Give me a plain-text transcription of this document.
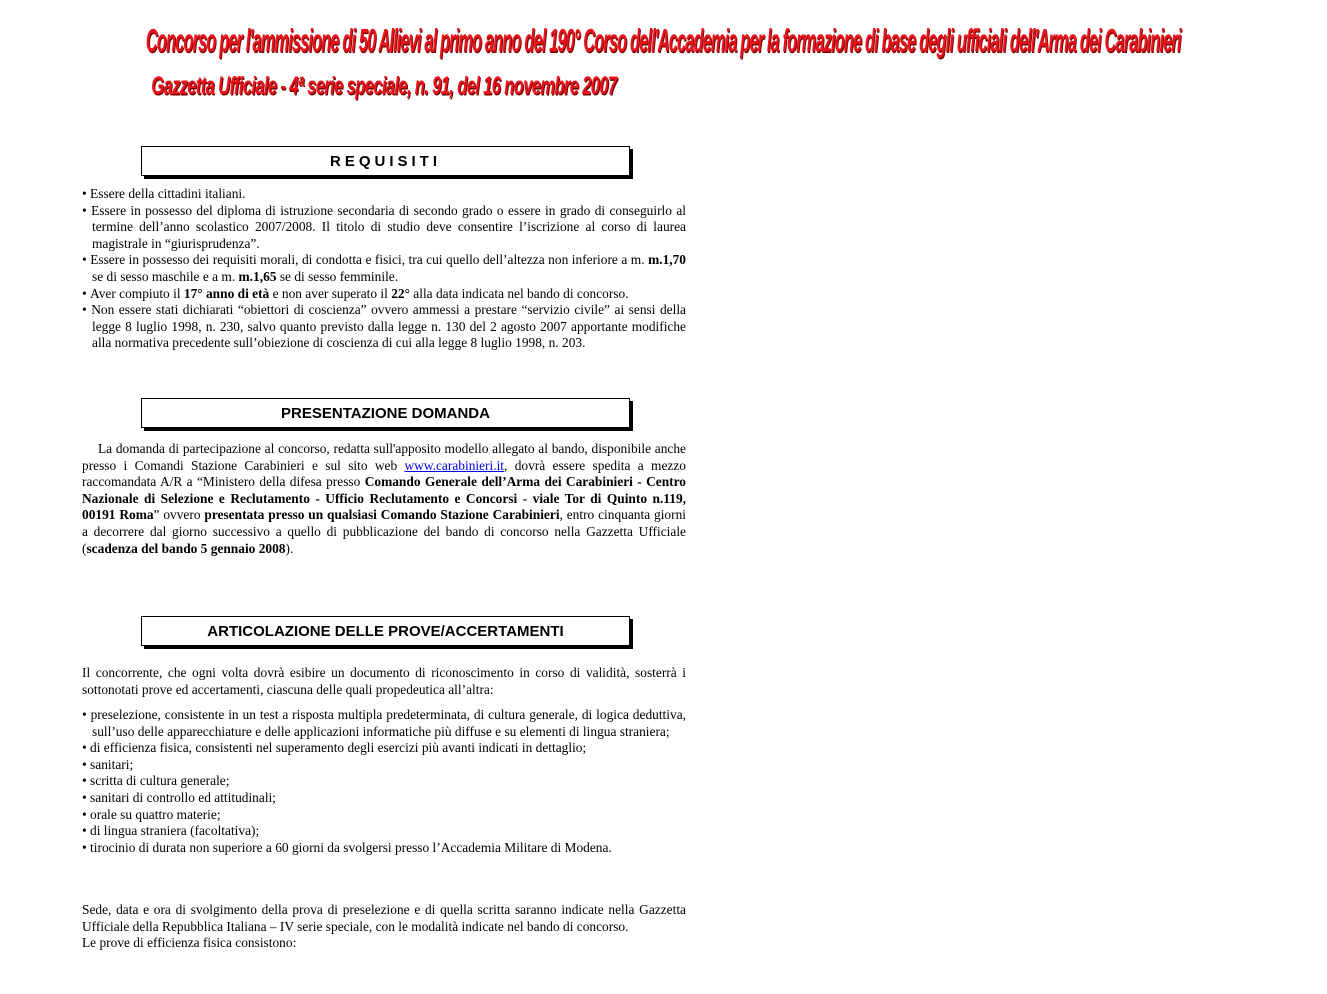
Concorso per l'ammissione di 50 Allievi al primo anno del 190° Corso dell'Accademia per la formazione di base degli ufficiali dell'Arma dei Carabinieri
Gazzetta Ufficiale - 4ª serie speciale, n. 91, del 16 novembre 2007
REQUISITI

• Essere della cittadini italiani.

• Essere in possesso del diploma di istruzione secondaria di secondo grado o essere in grado di conseguirlo al termine dell’anno scolastico 2007/2008. Il titolo di studio deve consentire l’iscrizione al corso di laurea magistrale in “giurisprudenza”.

• Essere in possesso dei requisiti morali, di condotta e fisici, tra cui quello dell’altezza non inferiore a m. m.1,70 se di sesso maschile e a m. m.1,65 se di sesso femminile.

• Aver compiuto il 17° anno di età e non aver superato il 22° alla data indicata nel bando di concorso.

• Non essere stati dichiarati “obiettori di coscienza” ovvero ammessi a prestare “servizio civile” ai sensi della legge 8 luglio 1998, n. 230, salvo quanto previsto dalla legge n. 130 del 2 agosto 2007 apportante modifiche alla normativa precedente sull’obiezione di coscienza di cui alla legge 8 luglio 1998, n. 203.

PRESENTAZIONE DOMANDA

La domanda di partecipazione al concorso, redatta sull'apposito modello allegato al bando, disponibile anche presso i Comandi Stazione Carabinieri e sul sito web www.carabinieri.it, dovrà essere spedita a mezzo raccomandata A/R a “Ministero della difesa presso Comando Generale dell’Arma dei Carabinieri - Centro Nazionale di Selezione e Reclutamento - Ufficio Reclutamento e Concorsi - viale Tor di Quinto n.119, 00191 Roma” ovvero presentata presso un qualsiasi Comando Stazione Carabinieri, entro cinquanta giorni a decorrere dal giorno successivo a quello di pubblicazione del bando di concorso nella Gazzetta Ufficiale (scadenza del bando 5 gennaio 2008).

ARTICOLAZIONE DELLE PROVE/ACCERTAMENTI

Il concorrente, che ogni volta dovrà esibire un documento di riconoscimento in corso di validità, sosterrà i sottonotati prove ed accertamenti, ciascuna delle quali propedeutica all’altra:

• preselezione, consistente in un test a risposta multipla predeterminata, di cultura generale, di logica deduttiva, sull’uso delle apparecchiature e delle applicazioni informatiche più diffuse e su elementi di lingua straniera;

• di efficienza fisica, consistenti nel superamento degli esercizi più avanti indicati in dettaglio;

• sanitari;

• scritta di cultura generale;

• sanitari di controllo ed attitudinali;

• orale su quattro materie;

• di lingua straniera (facoltativa);

• tirocinio di durata non superiore a 60 giorni da svolgersi presso l’Accademia Militare di Modena.

Sede, data e ora di svolgimento della prova di preselezione e di quella scritta saranno indicate nella Gazzetta Ufficiale della Repubblica Italiana – IV serie speciale, con le modalità indicate nel bando di concorso.

Le prove di efficienza fisica consistono:
